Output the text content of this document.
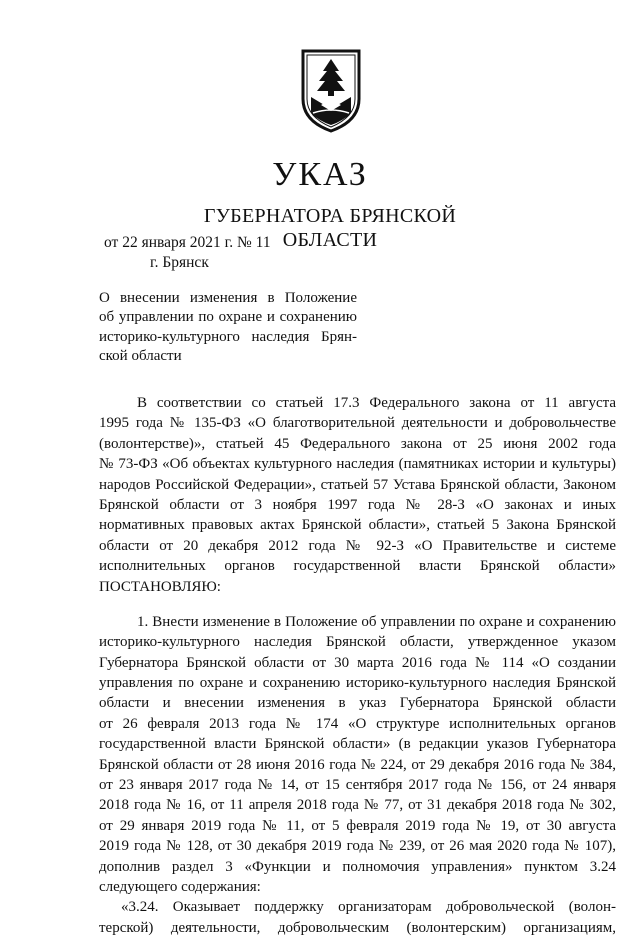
УКАЗ
ГУБЕРНАТОРА БРЯНСКОЙ ОБЛАСТИ
от 22 января 2021 г. № 11
г. Брянск
О внесении изменения в Положение
об управлении по охране и сохранению
историко-культурного наследия Брян-
ской области
В соответствии со статьей 17.3 Федерального закона от 11 августа
1995 года № 135-ФЗ «О благотворительной деятельности и добровольчестве
(волонтерстве)», статьей 45 Федерального закона от 25 июня 2002 года
№ 73-ФЗ «Об объектах культурного наследия (памятниках истории и культуры)
народов Российской Федерации», статьей 57 Устава Брянской области, Законом
Брянской области от 3 ноября 1997 года № 28-З «О законах и иных
нормативных правовых актах Брянской области», статьей 5 Закона Брянской
области от 20 декабря 2012 года № 92-З «О Правительстве и системе
исполнительных органов государственной власти Брянской области»
ПОСТАНОВЛЯЮ:
1. Внести изменение в Положение об управлении по охране и сохранению
историко-культурного наследия Брянской области, утвержденное указом
Губернатора Брянской области от 30 марта 2016 года № 114 «О создании
управления по охране и сохранению историко-культурного наследия Брянской
области и внесении изменения в указ Губернатора Брянской области
от 26 февраля 2013 года № 174 «О структуре исполнительных органов
государственной власти Брянской области» (в редакции указов Губернатора
Брянской области от 28 июня 2016 года № 224, от 29 декабря 2016 года № 384,
от 23 января 2017 года № 14, от 15 сентября 2017 года № 156, от 24 января
2018 года № 16, от 11 апреля 2018 года № 77, от 31 декабря 2018 года № 302,
от 29 января 2019 года № 11, от 5 февраля 2019 года № 19, от 30 августа
2019 года № 128, от 30 декабря 2019 года № 239, от 26 мая 2020 года № 107),
дополнив раздел 3 «Функции и полномочия управления» пунктом 3.24
следующего содержания:
«3.24. Оказывает поддержку организаторам добровольческой (волон-
терской) деятельности, добровольческим (волонтерским) организациям,
